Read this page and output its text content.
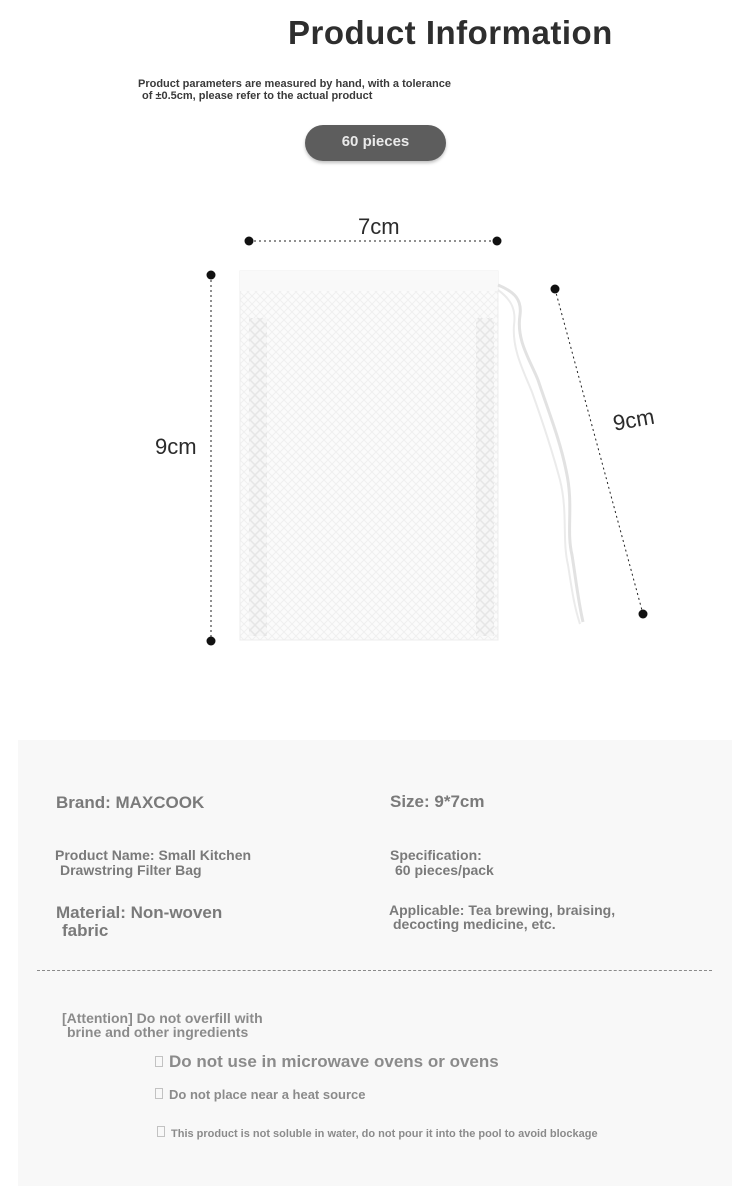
Product Information
Product parameters are measured by hand, with a tolerance
of ±0.5cm, please refer to the actual product
60 pieces
7cm
9cm
9cm
Brand: MAXCOOK	Size: 9*7cm
Product Name: Small Kitchen
Drawstring Filter Bag
Specification:
60 pieces/pack
Material: Non-woven
fabric
Applicable: Tea brewing, braising,
decocting medicine, etc.
[Attention] Do not overfill with
brine and other ingredients
Do not use in microwave ovens or ovens
Do not place near a heat source
This product is not soluble in water, do not pour it into the pool to avoid blockage
